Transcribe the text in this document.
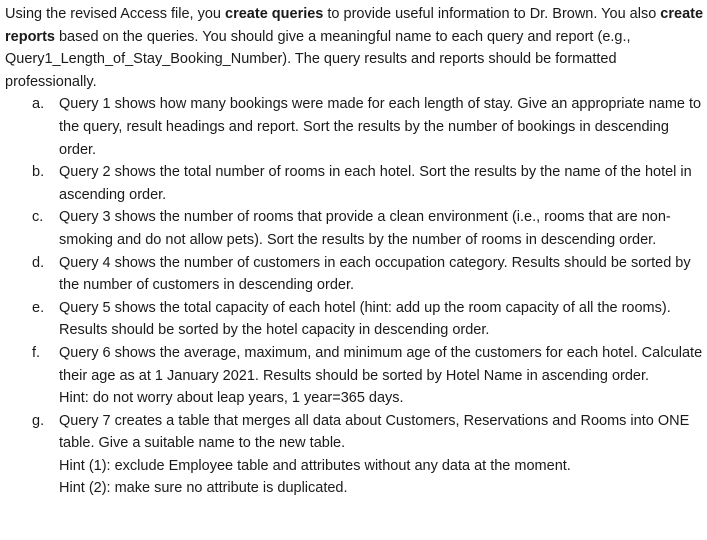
Using the revised Access file, you create queries to provide useful information to Dr. Brown. You also create reports based on the queries. You should give a meaningful name to each query and report (e.g., Query1_Length_of_Stay_Booking_Number). The query results and reports should be formatted professionally.

a. Query 1 shows how many bookings were made for each length of stay. Give an appropriate name to the query, result headings and report. Sort the results by the number of bookings in descending order.
b. Query 2 shows the total number of rooms in each hotel. Sort the results by the name of the hotel in ascending order.
c. Query 3 shows the number of rooms that provide a clean environment (i.e., rooms that are non-smoking and do not allow pets). Sort the results by the number of rooms in descending order.
d. Query 4 shows the number of customers in each occupation category. Results should be sorted by the number of customers in descending order.
e. Query 5 shows the total capacity of each hotel (hint: add up the room capacity of all the rooms). Results should be sorted by the hotel capacity in descending order.
f. Query 6 shows the average, maximum, and minimum age of the customers for each hotel. Calculate their age as at 1 January 2021. Results should be sorted by Hotel Name in ascending order.
Hint: do not worry about leap years, 1 year=365 days.
g. Query 7 creates a table that merges all data about Customers, Reservations and Rooms into ONE table. Give a suitable name to the new table.
Hint (1): exclude Employee table and attributes without any data at the moment.
Hint (2): make sure no attribute is duplicated.
